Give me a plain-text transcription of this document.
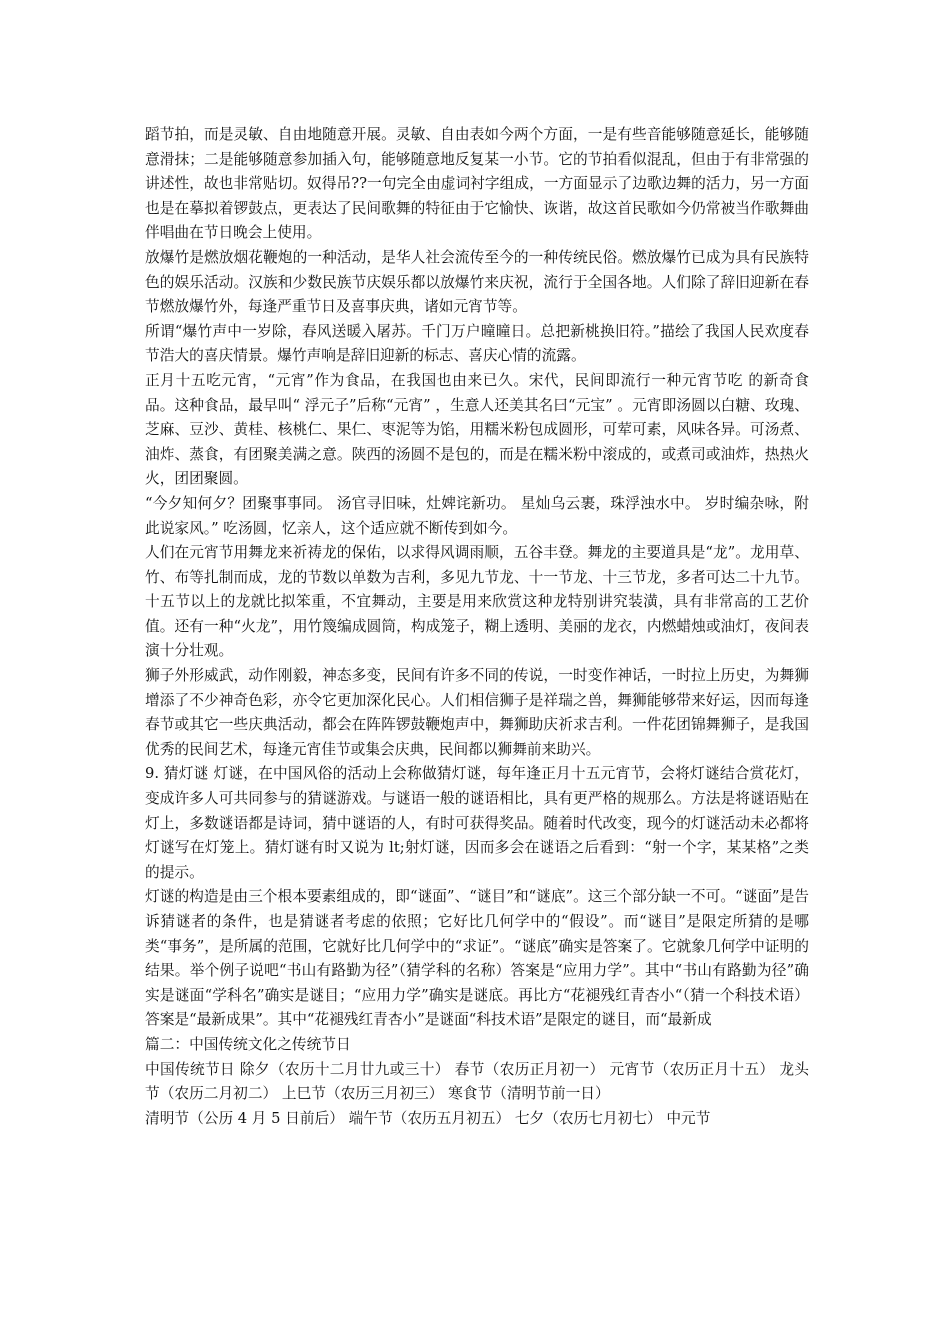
蹈节拍，而是灵敏、自由地随意开展。灵敏、自由表如今两个方面，一是有些音能够随意延长，能够随意滑抹；二是能够随意参加插入句，能够随意地反复某一小节。它的节拍看似混乱，但由于有非常强的讲述性，故也非常贴切。奴得吊??一句完全由虚词衬字组成，一方面显示了边歌边舞的活力，另一方面也是在摹拟着锣鼓点，更表达了民间歌舞的特征由于它愉快、诙谐，故这首民歌如今仍常被当作歌舞曲伴唱曲在节日晚会上使用。

放爆竹是燃放烟花鞭炮的一种活动，是华人社会流传至今的一种传统民俗。燃放爆竹已成为具有民族特色的娱乐活动。汉族和少数民族节庆娱乐都以放爆竹来庆祝，流行于全国各地。人们除了辞旧迎新在春节燃放爆竹外，每逢严重节日及喜事庆典，诸如元宵节等。

所谓“爆竹声中一岁除，春风送暖入屠苏。千门万户曈曈日。总把新桃换旧符。”描绘了我国人民欢度春节浩大的喜庆情景。爆竹声响是辞旧迎新的标志、喜庆心情的流露。

正月十五吃元宵，“元宵”作为食品，在我国也由来已久。宋代，民间即流行一种元宵节吃 的新奇食品。这种食品，最早叫“ 浮元子”后称“元宵” ，生意人还美其名曰“元宝” 。元宵即汤圆以白糖、玫瑰、芝麻、豆沙、黄桂、核桃仁、果仁、枣泥等为馅，用糯米粉包成圆形，可荤可素，风味各异。可汤煮、油炸、蒸食，有团聚美满之意。陕西的汤圆不是包的，而是在糯米粉中滚成的，或煮司或油炸，热热火火，团团聚圆。

“今夕知何夕？团聚事事同。 汤官寻旧味，灶婢诧新功。 星灿乌云裹，珠浮浊水中。 岁时编杂咏，附此说家风。” 吃汤圆，忆亲人，这个适应就不断传到如今。

人们在元宵节用舞龙来祈祷龙的保佑，以求得风调雨顺，五谷丰登。舞龙的主要道具是“龙”。龙用草、竹、布等扎制而成，龙的节数以单数为吉利，多见九节龙、十一节龙、十三节龙，多者可达二十九节。十五节以上的龙就比拟笨重，不宜舞动，主要是用来欣赏这种龙特别讲究装潢，具有非常高的工艺价值。还有一种“火龙”，用竹篾编成圆筒，构成笼子，糊上透明、美丽的龙衣，内燃蜡烛或油灯，夜间表演十分壮观。

狮子外形威武，动作刚毅，神态多变，民间有许多不同的传说，一时变作神话，一时拉上历史，为舞狮增添了不少神奇色彩，亦令它更加深化民心。人们相信狮子是祥瑞之兽，舞狮能够带来好运，因而每逢春节或其它一些庆典活动，都会在阵阵锣鼓鞭炮声中，舞狮助庆祈求吉利。一件花团锦舞狮子，是我国优秀的民间艺术，每逢元宵佳节或集会庆典，民间都以狮舞前来助兴。

9. 猜灯谜 灯谜，在中国风俗的活动上会称做猜灯谜，每年逢正月十五元宵节，会将灯谜结合赏花灯，变成许多人可共同参与的猜谜游戏。与谜语一般的谜语相比，具有更严格的规那么。方法是将谜语贴在灯上，多数谜语都是诗词，猜中谜语的人，有时可获得奖品。随着时代改变，现今的灯谜活动未必都将灯谜写在灯笼上。猜灯谜有时又说为 lt;射灯谜，因而多会在谜语之后看到：“射一个字，某某格”之类的提示。

灯谜的构造是由三个根本要素组成的，即“谜面”、“谜目”和“谜底”。这三个部分缺一不可。“谜面”是告诉猜谜者的条件，也是猜谜者考虑的依照；它好比几何学中的“假设”。而“谜目”是限定所猜的是哪类“事务”，是所属的范围，它就好比几何学中的“求证”。“谜底”确实是答案了。它就象几何学中证明的结果。举个例子说吧“书山有路勤为径”（猜学科的名称）答案是“应用力学”。其中“书山有路勤为径”确实是谜面“学科名”确实是谜目；“应用力学”确实是谜底。再比方“花褪残红青杏小“（猜一个科技术语）答案是“最新成果”。其中“花褪残红青杏小”是谜面“科技术语”是限定的谜目，而“最新成

篇二：中国传统文化之传统节日

中国传统节日 除夕（农历十二月廿九或三十） 春节（农历正月初一） 元宵节（农历正月十五） 龙头节（农历二月初二） 上巳节（农历三月初三） 寒食节（清明节前一日）

清明节（公历 4 月 5 日前后） 端午节（农历五月初五） 七夕（农历七月初七） 中元节
